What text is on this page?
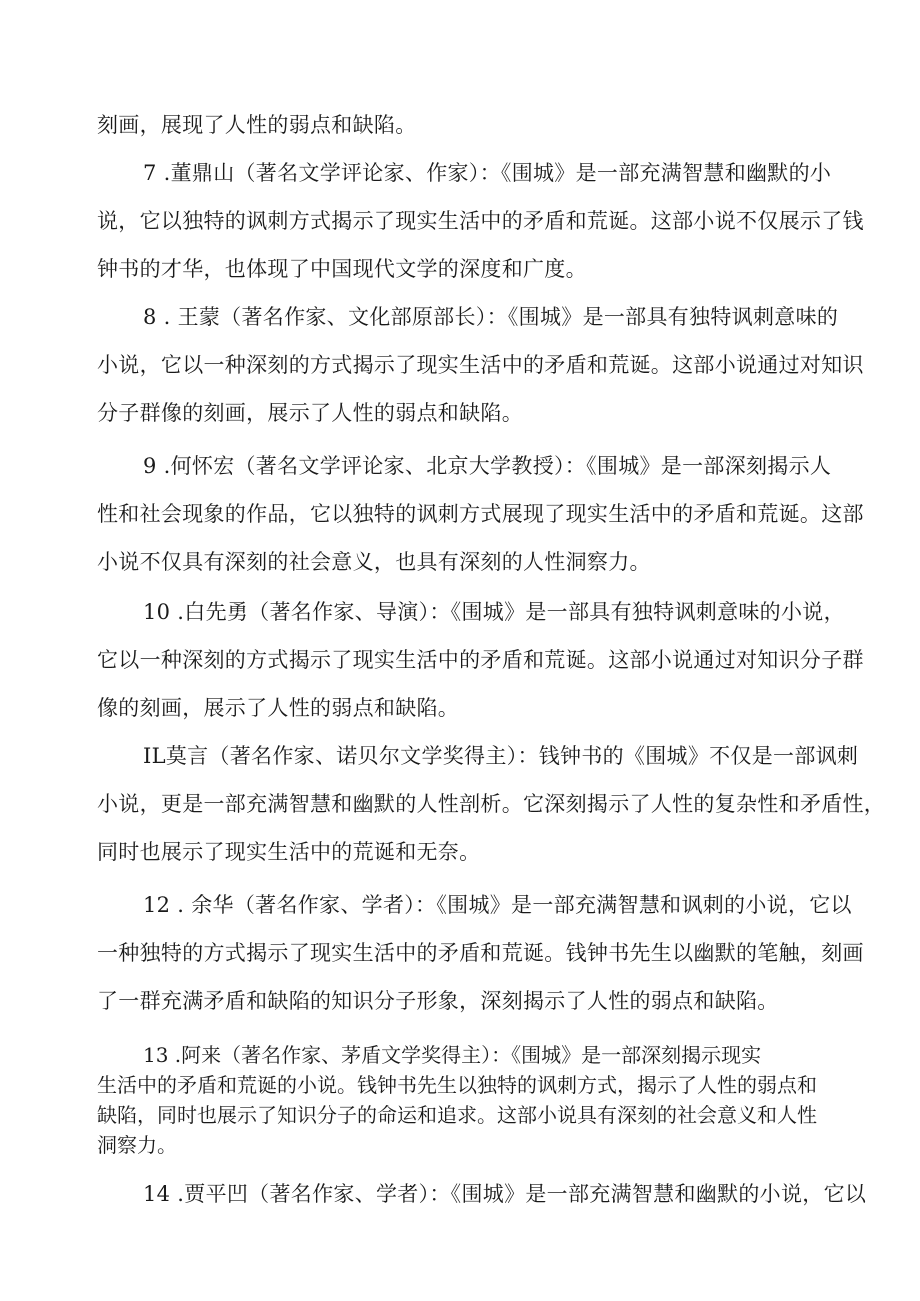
刻画，展现了人性的弱点和缺陷。
7 .董鼎山（著名文学评论家、作家）：《围城》是一部充满智慧和幽默的小
说，它以独特的讽刺方式揭示了现实生活中的矛盾和荒诞。这部小说不仅展示了钱
钟书的才华，也体现了中国现代文学的深度和广度。
8 . 王蒙（著名作家、文化部原部长）：《围城》是一部具有独特讽刺意味的
小说，它以一种深刻的方式揭示了现实生活中的矛盾和荒诞。这部小说通过对知识
分子群像的刻画，展示了人性的弱点和缺陷。
9 .何怀宏（著名文学评论家、北京大学教授）：《围城》是一部深刻揭示人
性和社会现象的作品，它以独特的讽刺方式展现了现实生活中的矛盾和荒诞。这部
小说不仅具有深刻的社会意义，也具有深刻的人性洞察力。
10 .白先勇（著名作家、导演）：《围城》是一部具有独特讽刺意味的小说，
它以一种深刻的方式揭示了现实生活中的矛盾和荒诞。这部小说通过对知识分子群
像的刻画，展示了人性的弱点和缺陷。
IL莫言（著名作家、诺贝尔文学奖得主）：钱钟书的《围城》不仅是一部讽刺
小说，更是一部充满智慧和幽默的人性剖析。它深刻揭示了人性的复杂性和矛盾性，
同时也展示了现实生活中的荒诞和无奈。
12 . 余华（著名作家、学者）：《围城》是一部充满智慧和讽刺的小说，它以
一种独特的方式揭示了现实生活中的矛盾和荒诞。钱钟书先生以幽默的笔触，刻画
了一群充满矛盾和缺陷的知识分子形象，深刻揭示了人性的弱点和缺陷。
13 .阿来（著名作家、茅盾文学奖得主）：《围城》是一部深刻揭示现实
生活中的矛盾和荒诞的小说。钱钟书先生以独特的讽刺方式，揭示了人性的弱点和
缺陷，同时也展示了知识分子的命运和追求。这部小说具有深刻的社会意义和人性
洞察力。
14 .贾平凹（著名作家、学者）：《围城》是一部充满智慧和幽默的小说，它以
